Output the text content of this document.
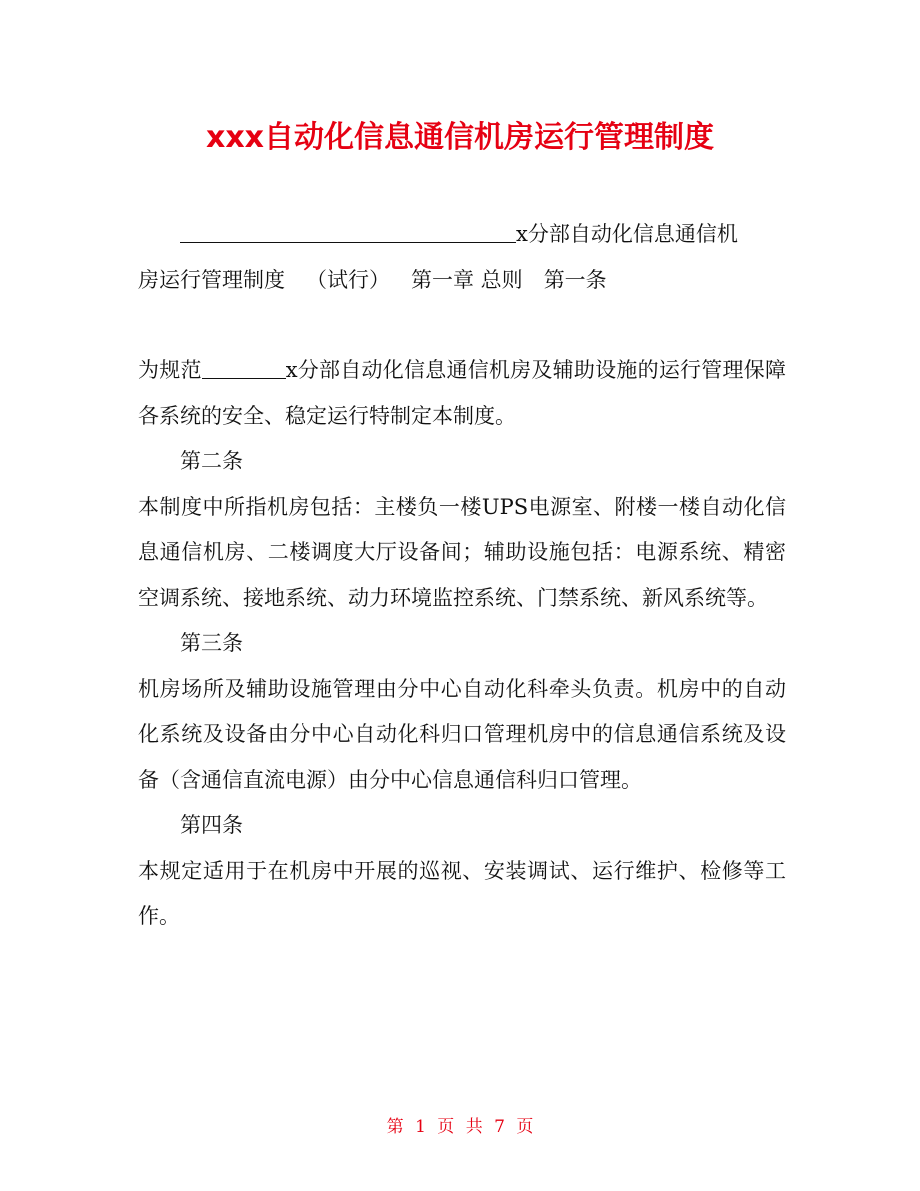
xxx自动化信息通信机房运行管理制度

x分部自动化信息通信机
房运行管理制度 （试行） 第一章 总则 第一条

为规范	x分部自动化信息通信机房及辅助设施的运行管理保障各系统的安全、稳定运行特制定本制度。

第二条

本制度中所指机房包括：主楼负一楼UPS电源室、附楼一楼自动化信息通信机房、二楼调度大厅设备间；辅助设施包括：电源系统、精密空调系统、接地系统、动力环境监控系统、门禁系统、新风系统等。

第三条

机房场所及辅助设施管理由分中心自动化科牵头负责。机房中的自动化系统及设备由分中心自动化科归口管理机房中的信息通信系统及设备（含通信直流电源）由分中心信息通信科归口管理。

第四条

本规定适用于在机房中开展的巡视、安装调试、运行维护、检修等工作。

第 1 页 共 7 页
